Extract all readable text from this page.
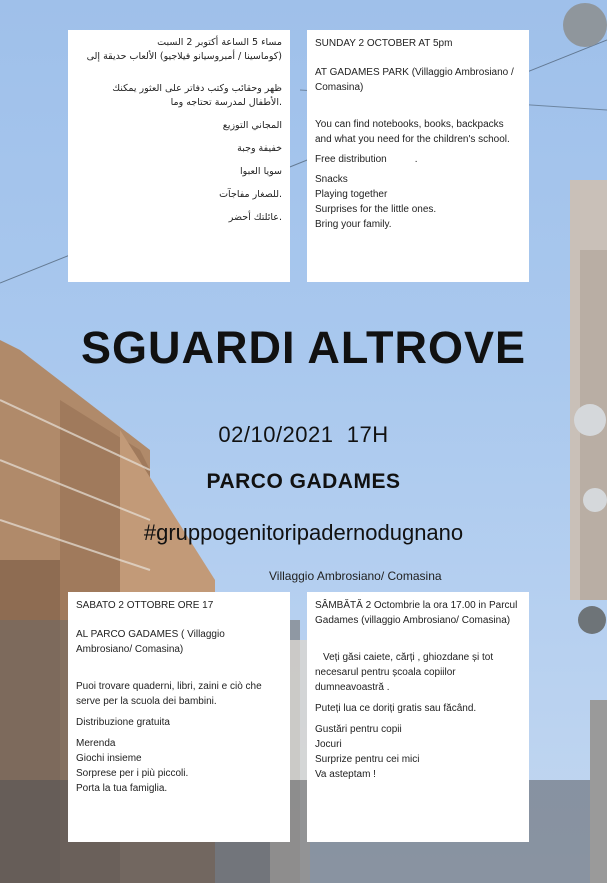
مساء 5 الساعة أكتوبر 2 السبت

(كوماسينا / أمبروسيانو فيلاجيو) الألعاب حديقة إلى

ظهر وحقائب وكتب دفاتر على العثور يمكنك

.الأطفال لمدرسة تحتاجه وما

المجاني التوزيع

خفيفة وجبة

سويا العبوا

.للصغار مفاجآت

.عائلتك أحضر

SUNDAY 2 OCTOBER AT 5pm

AT GADAMES PARK (Villaggio Ambrosiano / Comasina)

You can find notebooks, books, backpacks and what you need for the children's school.

Free distribution	.

Snacks

Playing together

Surprises for the little ones.

Bring your family.

SGUARDI ALTROVE
02/10/2021  17H
PARCO GADAMES
#gruppogenitoripadernodugnano
Villaggio Ambrosiano/ Comasina

SABATO 2 OTTOBRE ORE 17

AL PARCO GADAMES ( Villaggio Ambrosiano/ Comasina)

Puoi trovare quaderni, libri, zaini e ciò che serve per la scuola dei bambini.

Distribuzione gratuita

Merenda

Giochi insieme

Sorprese per i più piccoli.

Porta la tua famiglia.

SÂMBĂTĂ 2 Octombrie la ora 17.00 in Parcul Gadames (villaggio Ambrosiano/ Comasina)

Veți găsi caiete, cărți , ghiozdane și tot necesarul pentru școala copiilor dumneavoastră .

Puteți lua ce doriți gratis sau făcând.

Gustări pentru copii

Jocuri

Surprize pentru cei mici

Va asteptam !
